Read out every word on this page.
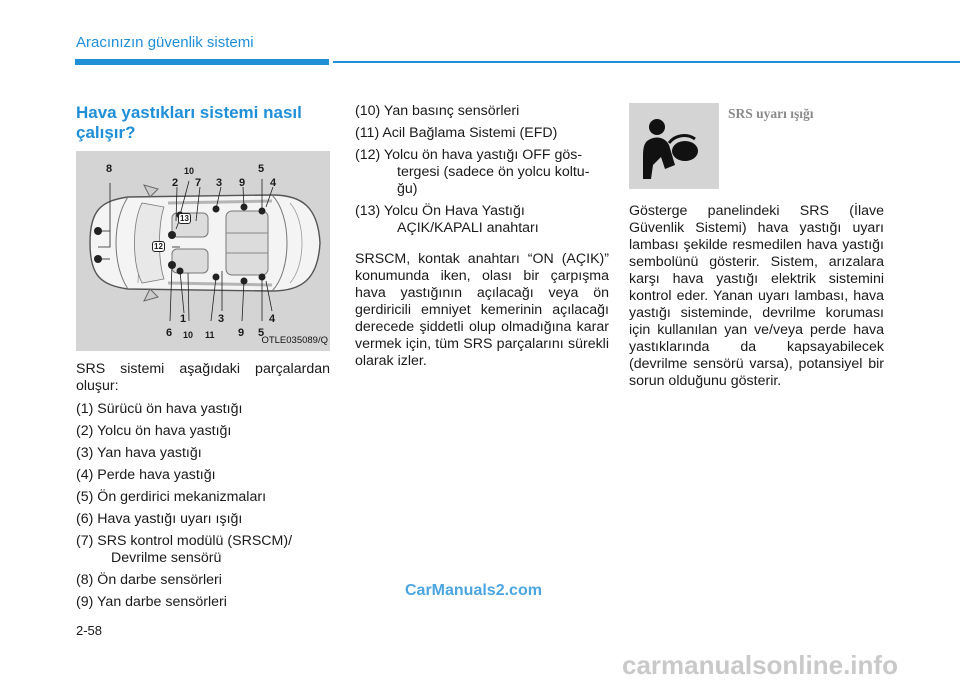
Aracınızın güvenlik sistemi
Hava yastıkları sistemi nasıl çalışır?
8	10
2 7 3 9
5
4
13
12
1	3	4
6 10 11 9 5
OTLE035089/Q

SRS sistemi aşağıdaki parçalardan oluşur:

(1) Sürücü ön hava yastığı
(2) Yolcu ön hava yastığı
(3) Yan hava yastığı
(4) Perde hava yastığı
(5) Ön gerdirici mekanizmaları
(6) Hava yastığı uyarı ışığı
(7) SRS kontrol modülü (SRSCM)/ Devrilme sensörü
(8) Ön darbe sensörleri
(9) Yan darbe sensörleri
(10) Yan basınç sensörleri
(11) Acil Bağlama Sistemi (EFD)
(12) Yolcu ön hava yastığı OFF gös- tergesi (sadece ön yolcu koltu- ğu)
(13) Yolcu Ön Hava Yastığı AÇIK/KAPALI anahtarı

SRSCM, kontak anahtarı “ON (AÇIK)” konumunda iken, olası bir çarpışma hava yastığının açılacağı veya ön gerdiricili emniyet kemerinin açılacağı derecede şiddetli olup olmadığına karar vermek için, tüm SRS parçalarını sürekli olarak izler.

SRS uyarı ışığı

Gösterge panelindeki SRS (İlave Güvenlik Sistemi) hava yastığı uyarı lambası şekilde resmedilen hava yastığı sembolünü gösterir. Sistem, arızalara karşı hava yastığı elektrik sistemini kontrol eder. Yanan uyarı lambası, hava yastığı sisteminde, devrilme koruması için kullanılan yan ve/veya perde hava yastıklarında da kapsayabilecek (devrilme sensörü varsa), potansiyel bir sorun olduğunu gösterir.

CarManuals2.com
2-58
carmanualsonline.info
